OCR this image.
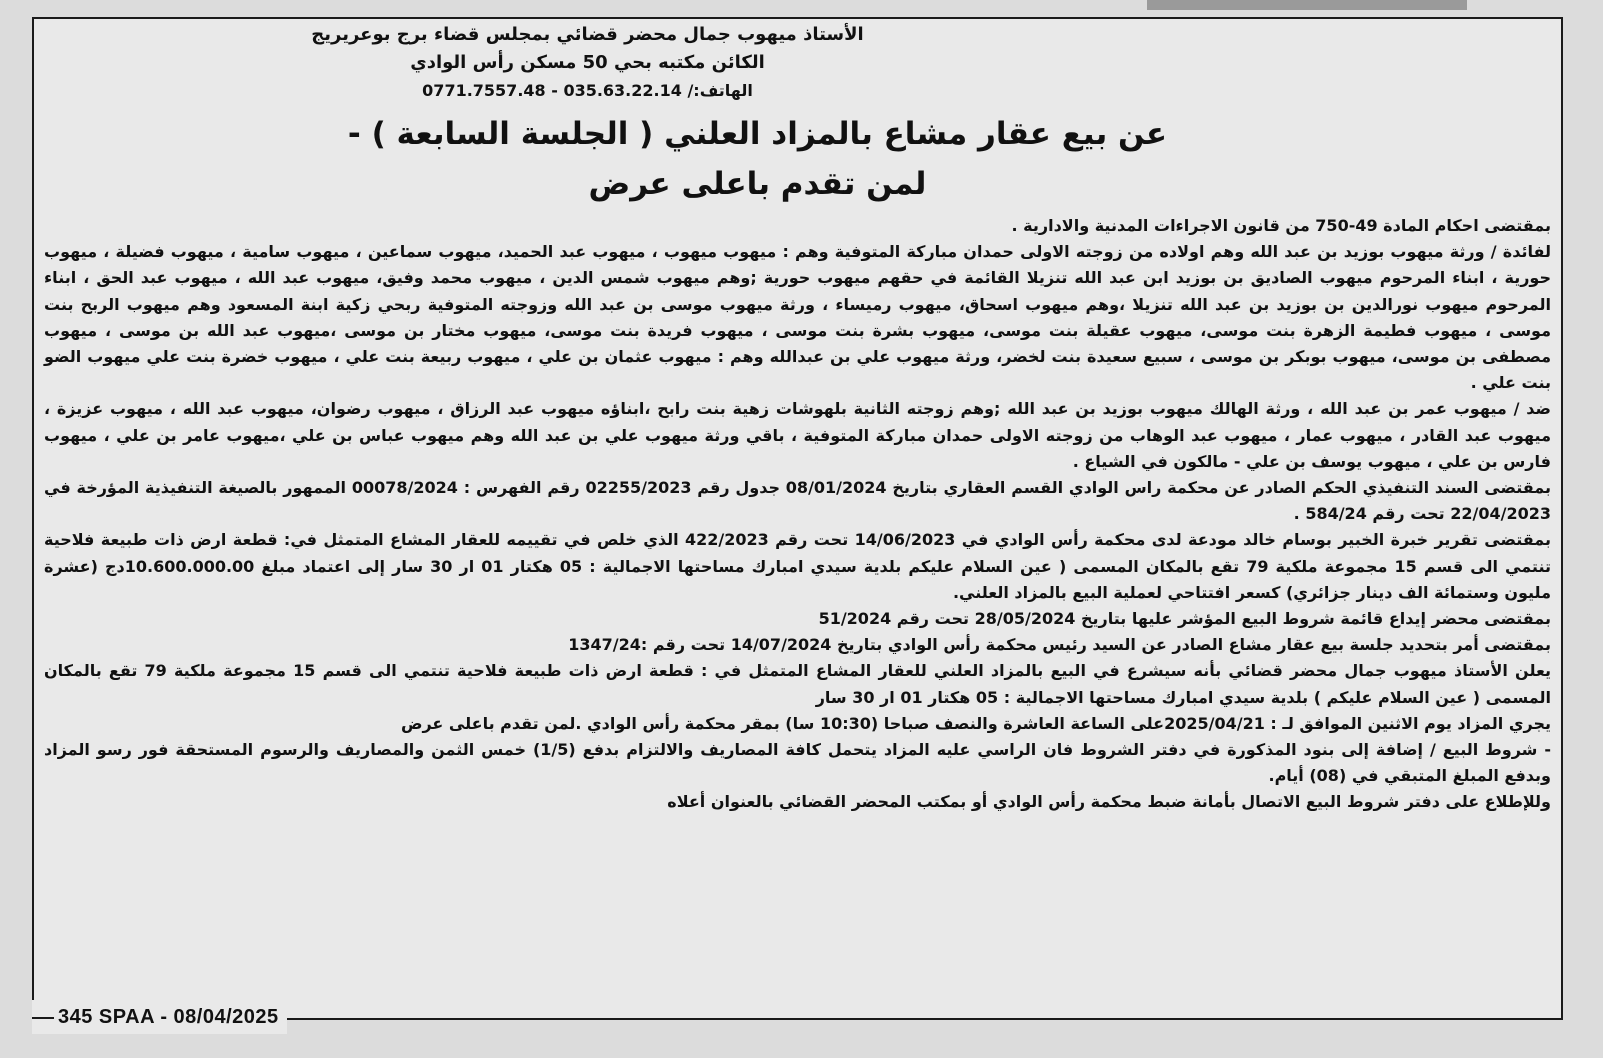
الأستاذ ميهوب جمال محضر قضائي بمجلس قضاء برج بوعريريج
الكائن مكتبه بحي 50 مسكن رأس الوادي
الهاتف:/ 035.63.22.14 - 0771.7557.48
عن بيع عقار مشاع بالمزاد العلني ( الجلسة السابعة ) -
لمن تقدم باعلى عرض

بمقتضى احكام المادة 49-750 من قانون الاجراءات المدنية والادارية .

لفائدة / ورثة ميهوب بوزيد بن عبد الله وهم اولاده من زوجته الاولى حمدان مباركة المتوفية وهم : ميهوب ميهوب ، ميهوب عبد الحميد، ميهوب سماعين ، ميهوب سامية ، ميهوب فضيلة ، ميهوب حورية ، ابناء المرحوم ميهوب الصاديق بن بوزيد ابن عبد الله تنزيلا القائمة في حقهم ميهوب حورية ;وهم ميهوب شمس الدين ، ميهوب محمد وفيق، ميهوب عبد الله ، ميهوب عبد الحق ، ابناء المرحوم ميهوب نورالدين بن بوزيد بن عبد الله تنزيلا ،وهم ميهوب اسحاق، ميهوب رميساء ، ورثة ميهوب موسى بن عبد الله وزوجته المتوفية ربحي زكية ابنة المسعود وهم ميهوب الربح بنت موسى ، ميهوب فطيمة الزهرة بنت موسى، ميهوب عقيلة بنت موسى، ميهوب بشرة بنت موسى ، ميهوب فريدة بنت موسى، ميهوب مختار بن موسى ،ميهوب عبد الله بن موسى ، ميهوب مصطفى بن موسى، ميهوب بوبكر بن موسى ، سبيع سعيدة بنت لخضر، ورثة ميهوب علي بن عبدالله وهم : ميهوب عثمان بن علي ، ميهوب ربيعة بنت علي ، ميهوب خضرة بنت علي ميهوب الضو بنت علي .

ضد / ميهوب عمر بن عبد الله ، ورثة الهالك ميهوب بوزيد بن عبد الله ;وهم زوجته الثانية بلهوشات زهية بنت رابح ،ابناؤه ميهوب عبد الرزاق ، ميهوب رضوان، ميهوب عبد الله ، ميهوب عزيزة ، ميهوب عبد القادر ، ميهوب عمار ، ميهوب عبد الوهاب من زوجته الاولى حمدان مباركة المتوفية ، باقي ورثة ميهوب علي بن عبد الله وهم ميهوب عباس بن علي ،ميهوب عامر بن علي ، ميهوب فارس بن علي ، ميهوب يوسف بن علي - مالكون في الشياع .

بمقتضى السند التنفيذي الحكم الصادر عن محكمة راس الوادي القسم العقاري بتاريخ 08/01/2024 جدول رقم 02255/2023 رقم الفهرس : 00078/2024 الممهور بالصيغة التنفيذية المؤرخة في 22/04/2023 تحت رقم 584/24 .

بمقتضى تقرير خبرة الخبير بوسام خالد مودعة لدى محكمة رأس الوادي في 14/06/2023 تحت رقم 422/2023 الذي خلص في تقييمه للعقار المشاع المتمثل في: قطعة ارض ذات طبيعة فلاحية تنتمي الى قسم 15 مجموعة ملكية 79 تقع بالمكان المسمى ( عين السلام عليكم بلدية سيدي امبارك مساحتها الاجمالية : 05 هكتار 01 ار 30 سار إلى اعتماد مبلغ 10.600.000.00دج (عشرة مليون وستمائة الف دينار جزائري) كسعر افتتاحي لعملية البيع بالمزاد العلني.

بمقتضى محضر إيداع قائمة شروط البيع المؤشر عليها بتاريخ 28/05/2024 تحت رقم 51/2024

بمقتضى أمر بتحديد جلسة بيع عقار مشاع الصادر عن السيد رئيس محكمة رأس الوادي بتاريخ 14/07/2024 تحت رقم :1347/24

يعلن الأستاذ ميهوب جمال محضر قضائي بأنه سيشرع في البيع بالمزاد العلني للعقار المشاع المتمثل في : قطعة ارض ذات طبيعة فلاحية تنتمي الى قسم 15 مجموعة ملكية 79 تقع بالمكان المسمى ( عين السلام عليكم ) بلدية سيدي امبارك مساحتها الاجمالية : 05 هكتار 01 ار 30 سار

يجري المزاد يوم الاثنين الموافق لـ : 2025/04/21على الساعة العاشرة والنصف صباحا (10:30 سا) بمقر محكمة رأس الوادي .لمن تقدم باعلى عرض

- شروط البيع / إضافة إلى بنود المذكورة في دفتر الشروط فان الراسي عليه المزاد يتحمل كافة المصاريف والالتزام بدفع (1/5) خمس الثمن والمصاريف والرسوم المستحقة فور رسو المزاد وبدفع المبلغ المتبقي في (08) أيام.

وللإطلاع على دفتر شروط البيع الاتصال بأمانة ضبط محكمة رأس الوادي أو بمكتب المحضر القضائي بالعنوان أعلاه

345 SPAA - 08/04/2025
